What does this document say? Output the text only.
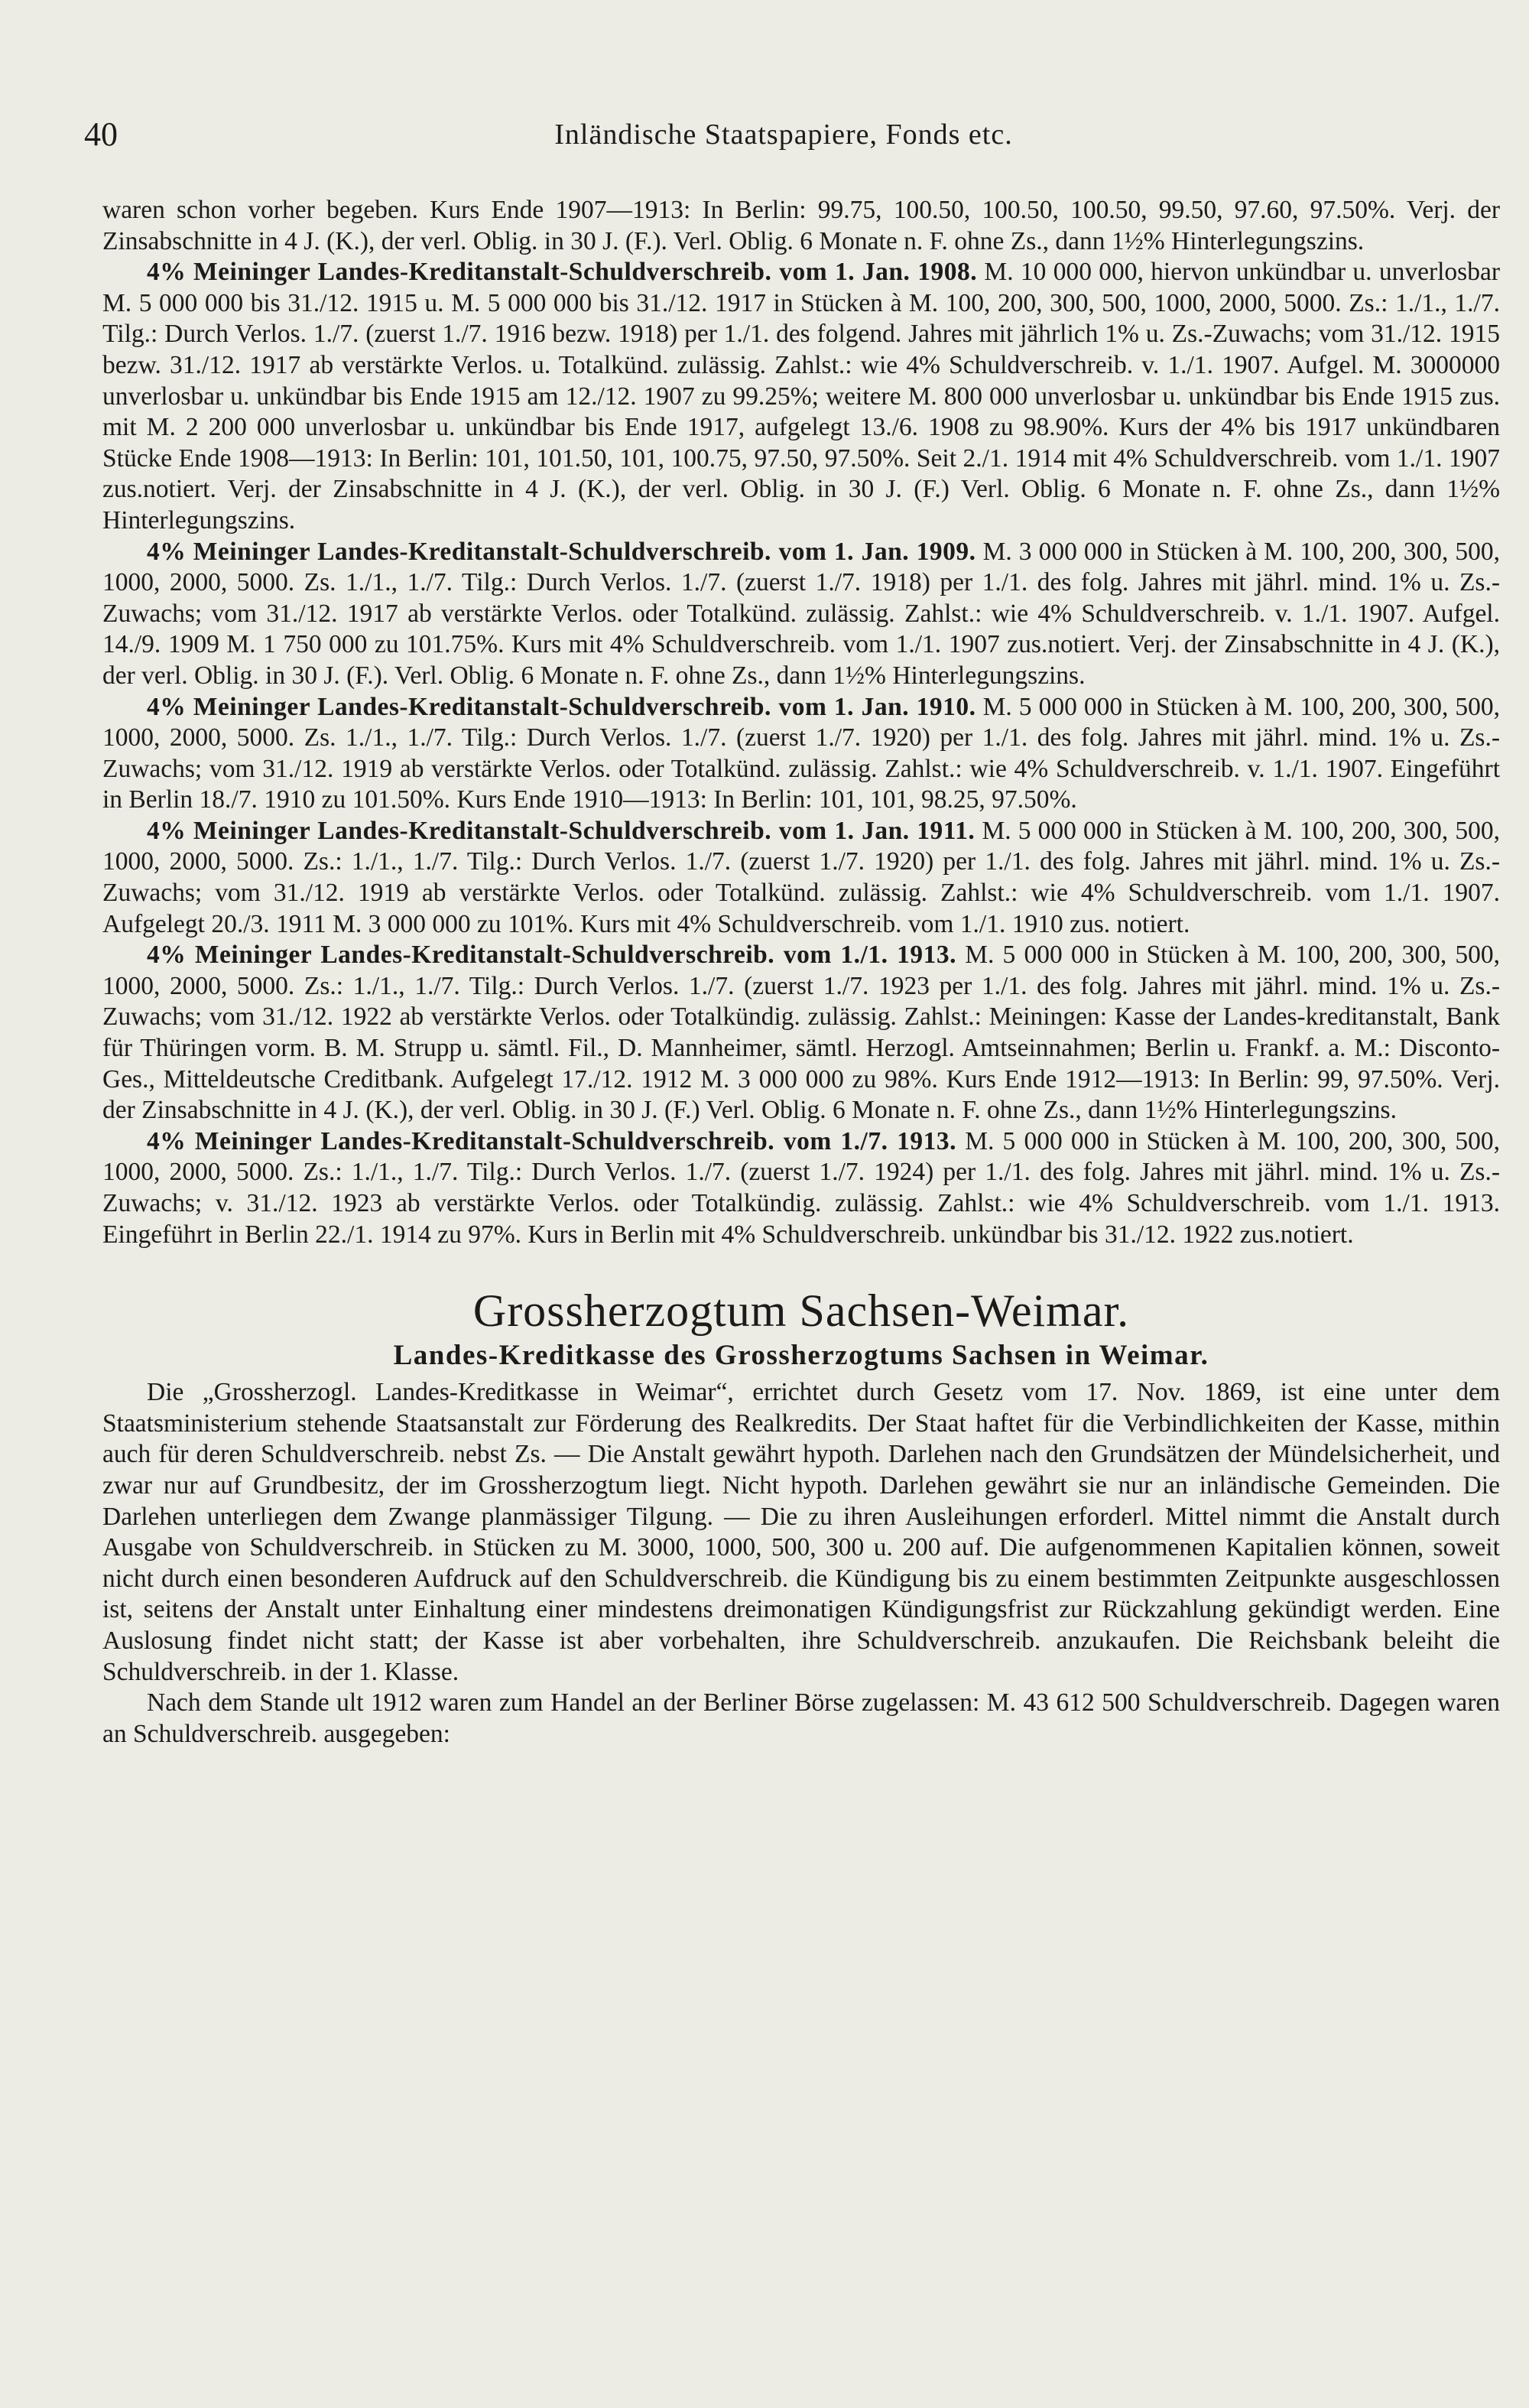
40	Inländische Staatspapiere, Fonds etc.

waren schon vorher begeben. Kurs Ende 1907—1913: In Berlin: 99.75, 100.50, 100.50, 100.50, 99.50, 97.60, 97.50%. Verj. der Zinsabschnitte in 4 J. (K.), der verl. Oblig. in 30 J. (F.). Verl. Oblig. 6 Monate n. F. ohne Zs., dann 1½% Hinterlegungszins.

4% Meininger Landes-Kreditanstalt-Schuldverschreib. vom 1. Jan. 1908. M. 10 000 000, hiervon unkündbar u. unverlosbar M. 5 000 000 bis 31./12. 1915 u. M. 5 000 000 bis 31./12. 1917 in Stücken à M. 100, 200, 300, 500, 1000, 2000, 5000. Zs.: 1./1., 1./7. Tilg.: Durch Verlos. 1./7. (zuerst 1./7. 1916 bezw. 1918) per 1./1. des folgend. Jahres mit jährlich 1% u. Zs.-Zuwachs; vom 31./12. 1915 bezw. 31./12. 1917 ab verstärkte Verlos. u. Totalkünd. zulässig. Zahlst.: wie 4% Schuldverschreib. v. 1./1. 1907. Aufgel. M. 3000000 unverlosbar u. unkündbar bis Ende 1915 am 12./12. 1907 zu 99.25%; weitere M. 800 000 unverlosbar u. unkündbar bis Ende 1915 zus. mit M. 2 200 000 unverlosbar u. unkündbar bis Ende 1917, aufgelegt 13./6. 1908 zu 98.90%. Kurs der 4% bis 1917 unkündbaren Stücke Ende 1908—1913: In Berlin: 101, 101.50, 101, 100.75, 97.50, 97.50%. Seit 2./1. 1914 mit 4% Schuldverschreib. vom 1./1. 1907 zus.notiert. Verj. der Zinsabschnitte in 4 J. (K.), der verl. Oblig. in 30 J. (F.) Verl. Oblig. 6 Monate n. F. ohne Zs., dann 1½% Hinterlegungszins.

4% Meininger Landes-Kreditanstalt-Schuldverschreib. vom 1. Jan. 1909. M. 3 000 000 in Stücken à M. 100, 200, 300, 500, 1000, 2000, 5000. Zs. 1./1., 1./7. Tilg.: Durch Verlos. 1./7. (zuerst 1./7. 1918) per 1./1. des folg. Jahres mit jährl. mind. 1% u. Zs.-Zuwachs; vom 31./12. 1917 ab verstärkte Verlos. oder Totalkünd. zulässig. Zahlst.: wie 4% Schuldverschreib. v. 1./1. 1907. Aufgel. 14./9. 1909 M. 1 750 000 zu 101.75%. Kurs mit 4% Schuldverschreib. vom 1./1. 1907 zus.notiert. Verj. der Zinsabschnitte in 4 J. (K.), der verl. Oblig. in 30 J. (F.). Verl. Oblig. 6 Monate n. F. ohne Zs., dann 1½% Hinterlegungszins.

4% Meininger Landes-Kreditanstalt-Schuldverschreib. vom 1. Jan. 1910. M. 5 000 000 in Stücken à M. 100, 200, 300, 500, 1000, 2000, 5000. Zs. 1./1., 1./7. Tilg.: Durch Verlos. 1./7. (zuerst 1./7. 1920) per 1./1. des folg. Jahres mit jährl. mind. 1% u. Zs.-Zuwachs; vom 31./12. 1919 ab verstärkte Verlos. oder Totalkünd. zulässig. Zahlst.: wie 4% Schuldverschreib. v. 1./1. 1907. Eingeführt in Berlin 18./7. 1910 zu 101.50%. Kurs Ende 1910—1913: In Berlin: 101, 101, 98.25, 97.50%.

4% Meininger Landes-Kreditanstalt-Schuldverschreib. vom 1. Jan. 1911. M. 5 000 000 in Stücken à M. 100, 200, 300, 500, 1000, 2000, 5000. Zs.: 1./1., 1./7. Tilg.: Durch Verlos. 1./7. (zuerst 1./7. 1920) per 1./1. des folg. Jahres mit jährl. mind. 1% u. Zs.-Zuwachs; vom 31./12. 1919 ab verstärkte Verlos. oder Totalkünd. zulässig. Zahlst.: wie 4% Schuldverschreib. vom 1./1. 1907. Aufgelegt 20./3. 1911 M. 3 000 000 zu 101%. Kurs mit 4% Schuldverschreib. vom 1./1. 1910 zus. notiert.

4% Meininger Landes-Kreditanstalt-Schuldverschreib. vom 1./1. 1913. M. 5 000 000 in Stücken à M. 100, 200, 300, 500, 1000, 2000, 5000. Zs.: 1./1., 1./7. Tilg.: Durch Verlos. 1./7. (zuerst 1./7. 1923 per 1./1. des folg. Jahres mit jährl. mind. 1% u. Zs.-Zuwachs; vom 31./12. 1922 ab verstärkte Verlos. oder Totalkündig. zulässig. Zahlst.: Meiningen: Kasse der Landes-kreditanstalt, Bank für Thüringen vorm. B. M. Strupp u. sämtl. Fil., D. Mannheimer, sämtl. Herzogl. Amtseinnahmen; Berlin u. Frankf. a. M.: Disconto-Ges., Mitteldeutsche Creditbank. Aufgelegt 17./12. 1912 M. 3 000 000 zu 98%. Kurs Ende 1912—1913: In Berlin: 99, 97.50%. Verj. der Zinsabschnitte in 4 J. (K.), der verl. Oblig. in 30 J. (F.) Verl. Oblig. 6 Monate n. F. ohne Zs., dann 1½% Hinterlegungszins.

4% Meininger Landes-Kreditanstalt-Schuldverschreib. vom 1./7. 1913. M. 5 000 000 in Stücken à M. 100, 200, 300, 500, 1000, 2000, 5000. Zs.: 1./1., 1./7. Tilg.: Durch Verlos. 1./7. (zuerst 1./7. 1924) per 1./1. des folg. Jahres mit jährl. mind. 1% u. Zs.-Zuwachs; v. 31./12. 1923 ab verstärkte Verlos. oder Totalkündig. zulässig. Zahlst.: wie 4% Schuldverschreib. vom 1./1. 1913. Eingeführt in Berlin 22./1. 1914 zu 97%. Kurs in Berlin mit 4% Schuldverschreib. unkündbar bis 31./12. 1922 zus.notiert.

Grossherzogtum Sachsen-Weimar.
Landes-Kreditkasse des Grossherzogtums Sachsen in Weimar.

Die „Grossherzogl. Landes-Kreditkasse in Weimar“, errichtet durch Gesetz vom 17. Nov. 1869, ist eine unter dem Staatsministerium stehende Staatsanstalt zur Förderung des Realkredits. Der Staat haftet für die Verbindlichkeiten der Kasse, mithin auch für deren Schuldverschreib. nebst Zs. — Die Anstalt gewährt hypoth. Darlehen nach den Grundsätzen der Mündelsicherheit, und zwar nur auf Grundbesitz, der im Grossherzogtum liegt. Nicht hypoth. Darlehen gewährt sie nur an inländische Gemeinden. Die Darlehen unterliegen dem Zwange planmässiger Tilgung. — Die zu ihren Ausleihungen erforderl. Mittel nimmt die Anstalt durch Ausgabe von Schuldverschreib. in Stücken zu M. 3000, 1000, 500, 300 u. 200 auf. Die aufgenommenen Kapitalien können, soweit nicht durch einen besonderen Aufdruck auf den Schuldverschreib. die Kündigung bis zu einem bestimmten Zeitpunkte ausgeschlossen ist, seitens der Anstalt unter Einhaltung einer mindestens dreimonatigen Kündigungsfrist zur Rückzahlung gekündigt werden. Eine Auslosung findet nicht statt; der Kasse ist aber vorbehalten, ihre Schuldverschreib. anzukaufen. Die Reichsbank beleiht die Schuldverschreib. in der 1. Klasse.

Nach dem Stande ult 1912 waren zum Handel an der Berliner Börse zugelassen: M. 43 612 500 Schuldverschreib. Dagegen waren an Schuldverschreib. ausgegeben:
